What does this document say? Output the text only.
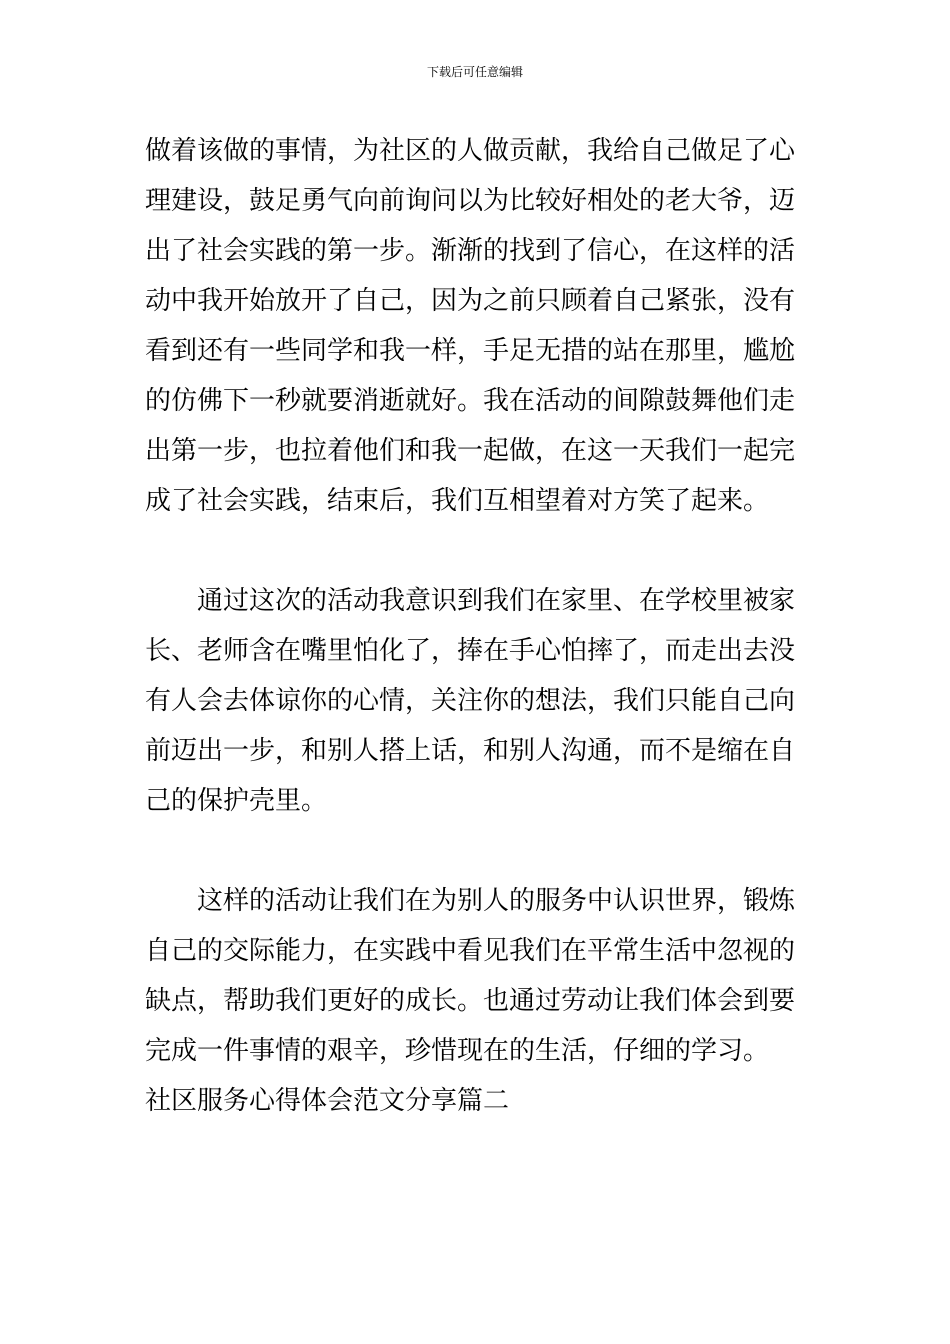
下载后可任意编辑

做着该做的事情，为社区的人做贡献，我给自己做足了心
理建设，鼓足勇气向前询问以为比较好相处的老大爷，迈
出了社会实践的第一步。渐渐的找到了信心，在这样的活
动中我开始放开了自己，因为之前只顾着自己紧张，没有
看到还有一些同学和我一样，手足无措的站在那里，尴尬
的仿佛下一秒就要消逝就好。我在活动的间隙鼓舞他们走
出第一步，也拉着他们和我一起做，在这一天我们一起完
成了社会实践，结束后，我们互相望着对方笑了起来。

通过这次的活动我意识到我们在家里、在学校里被家
长、老师含在嘴里怕化了，捧在手心怕摔了，而走出去没
有人会去体谅你的心情，关注你的想法，我们只能自己向
前迈出一步，和别人搭上话，和别人沟通，而不是缩在自
己的保护壳里。

这样的活动让我们在为别人的服务中认识世界，锻炼
自己的交际能力，在实践中看见我们在平常生活中忽视的
缺点，帮助我们更好的成长。也通过劳动让我们体会到要
完成一件事情的艰辛，珍惜现在的生活，仔细的学习。

社区服务心得体会范文分享篇二
